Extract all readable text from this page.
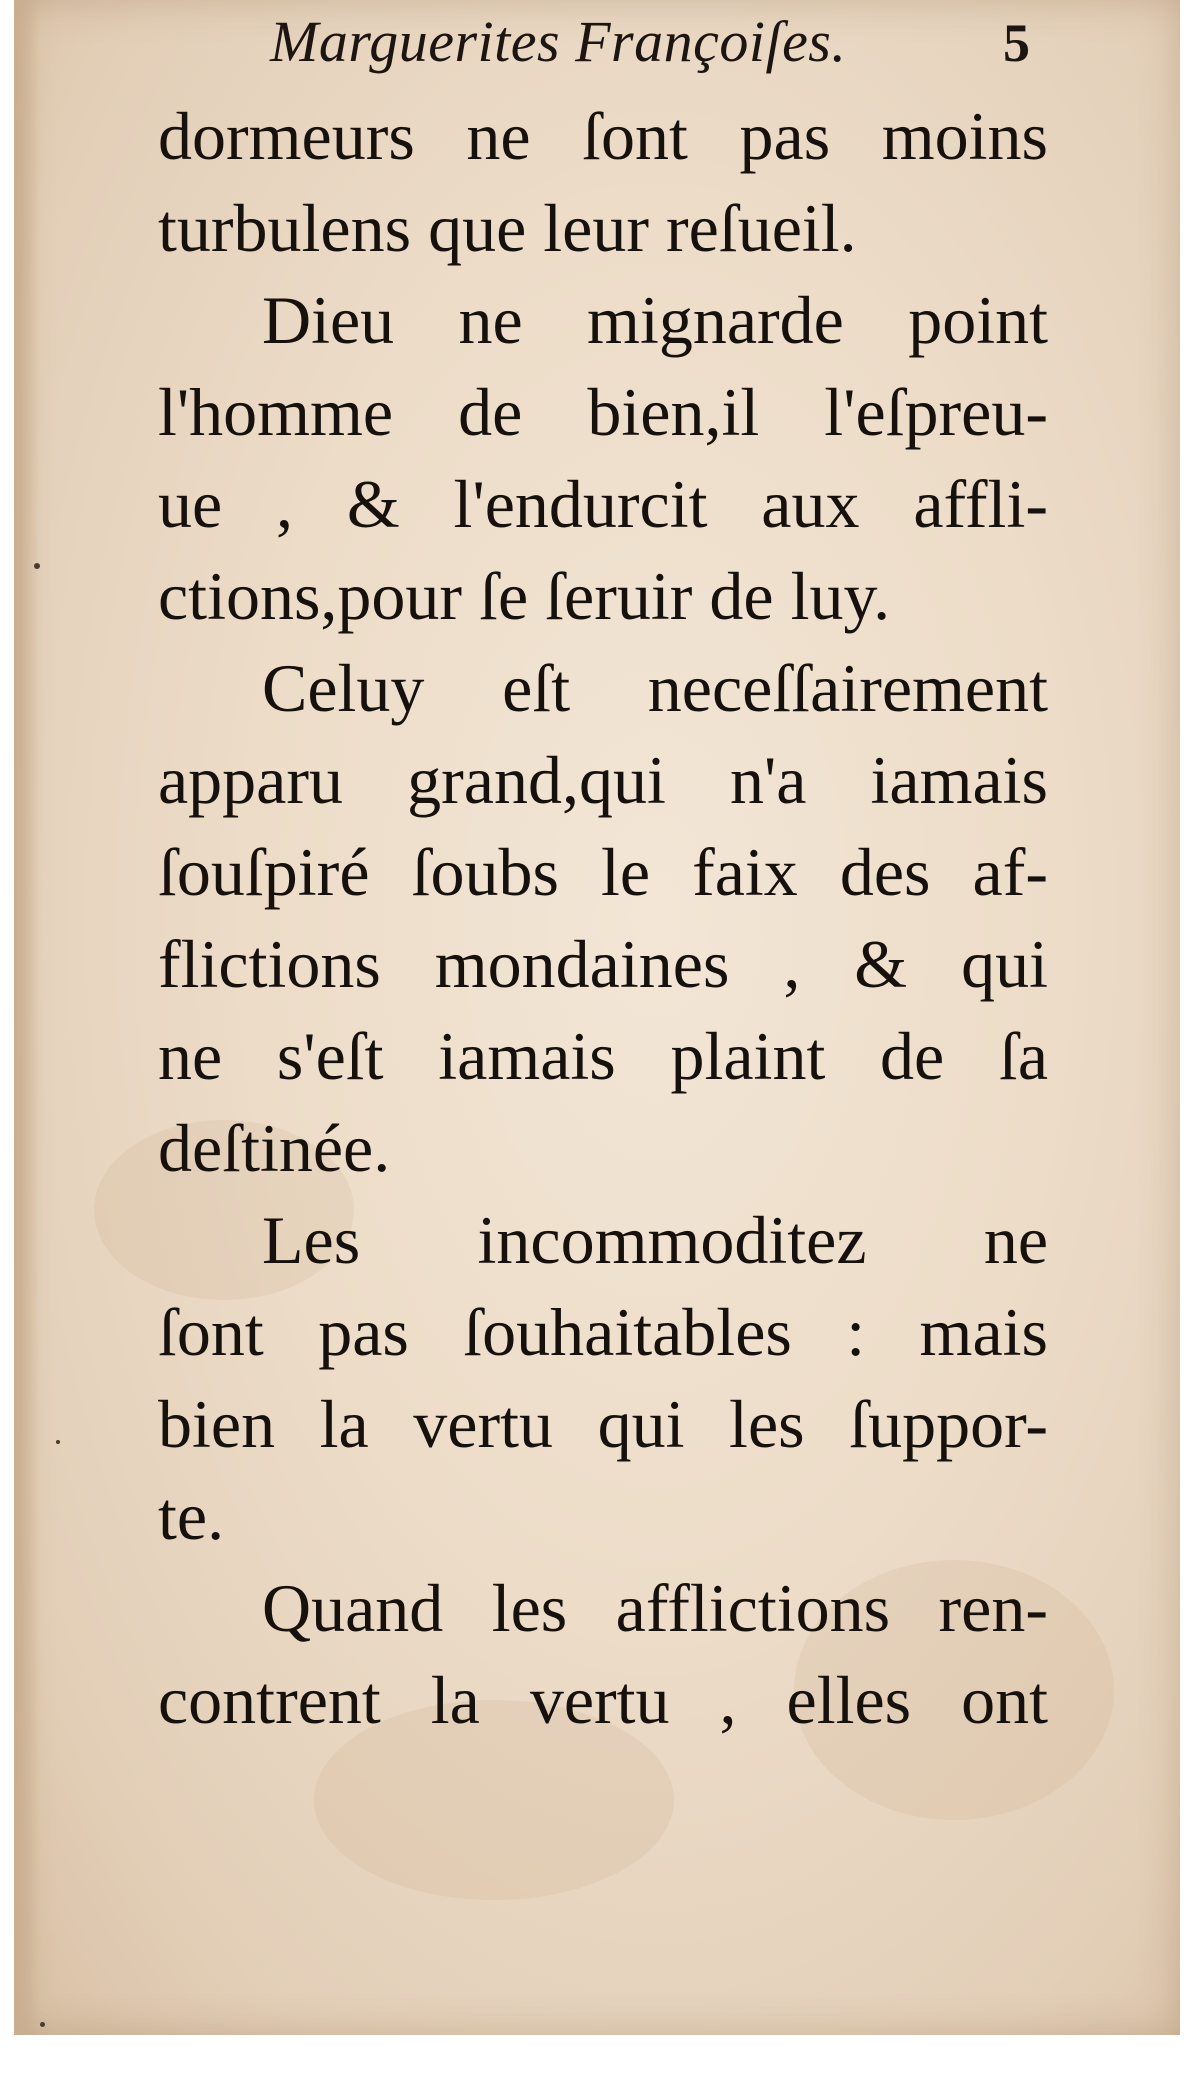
Marguerites Françoiſes.	5
dormeurs ne ſont pas moins
turbulens que leur reſueil.
Dieu ne mignarde point
l'homme de bien,il l'eſpreu-
ue , & l'endurcit aux affli-
ctions,pour ſe ſeruir de luy.
Celuy eſt neceſſairement
apparu grand,qui n'a iamais
ſouſpiré ſoubs le faix des af-
flictions mondaines , & qui
ne s'eſt iamais plaint de ſa
deſtinée.
Les incommoditez ne
ſont pas ſouhaitables : mais
bien la vertu qui les ſuppor-
te.
Quand les afflictions ren-
contrent la vertu , elles ont
